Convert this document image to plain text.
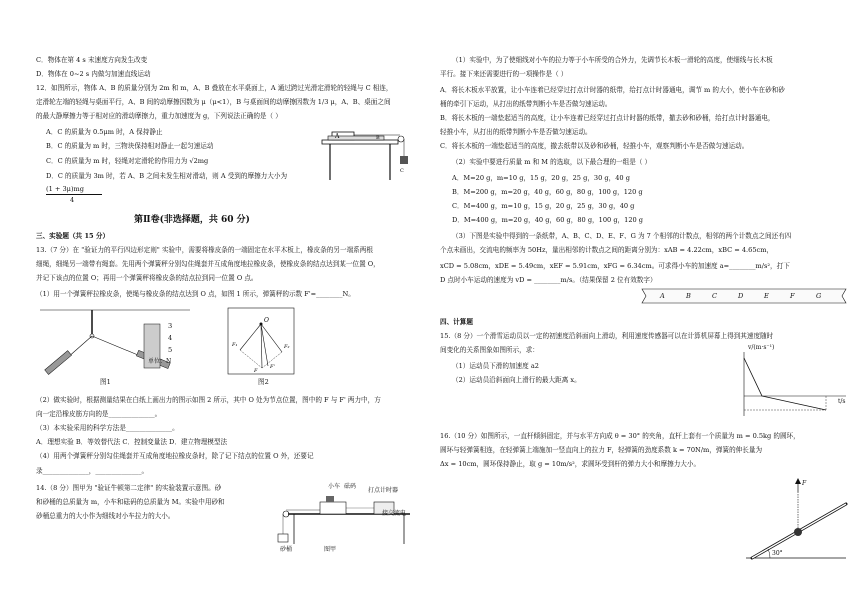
C．物体在第 4 s 末速度方向发生改变
D．物体在 0~2 s 内做匀加速直线运动
12．如图所示，物体 A、B 的质量分别为 2m 和 m，A、B 叠放在水平桌面上，A 通过跨过光滑定滑轮的轻绳与 C 相连，
定滑轮左端的轻绳与桌面平行，A、B 间的动摩擦因数为 μ（μ<1），B 与桌面间的动摩擦因数为 1/3 μ，A、B、桌面之间
的最大静摩擦力等于相对应的滑动摩擦力，重力加速度为 g，下列说法正确的是（ ）
A．C 的质量为 0.5μm 时，A 保持静止
B．C 的质量为 m 时，三物块保持相对静止一起匀速运动
C．C 的质量为 m 时，轻绳对定滑轮的作用力为 √2mg
D．C 的质量为 3m 时，若 A、B 之间未发生相对滑动，则 A 受到的摩擦力大小为
(1 + 3μ)mg
4
A	B
C
第Ⅱ卷(非选择题，共 60 分)
三、实验题（共 15 分）
13.（7 分）在 "验证力的平行四边形定则" 实验中，需要将橡皮条的一端固定在水平木板上，橡皮条的另一端系两根
细绳，细绳另一端带有绳套。先用两个弹簧秤分别勾住绳套并互成角度地拉橡皮条，使橡皮条的结点达到某一位置 O，
并记下该点的位置 O；再用一个弹簧秤将橡皮条的结点拉到同一位置 O 点。
（1）用一个弹簧秤拉橡皮条，使绳与橡皮条的结点达到 O 点，如图 1 所示，弹簧秤的示数 F'=________N。
3
4
5
单位：N
图1
O
F₁	F₂
F
F'
图2
（2）做实验时，根据测量结果在白纸上画出力的图示如图 2 所示，其中 O 处为节点位置，图中的 F 与 F' 两力中，方
向一定沿橡皮筋方向的是______________。
（3）本实验采用的科学方法是______________。
A．理想实验 B．等效替代法 C．控制变量法 D．建立物理模型法
（4）用两个弹簧秤分别勾住绳套并互成角度地拉橡皮条时，除了记下结点的位置 O 外，还要记
录______________，______________。
14.（8 分）图甲为 "验证牛顿第二定律" 的实验装置示意图。砂
和砂桶的总质量为 m，小车和砝码的总质量为 M。实验中用砂和
砂桶总重力的大小作为细线对小车拉力的大小。
小车 砝码
打点计时器
接交流电
砂桶	图甲
（1）实验中，为了使细线对小车的拉力等于小车所受的合外力，先调节长木板一滑轮的高度，使细线与长木板
平行。接下来还需要进行的一项操作是（ ）
A．将长木板水平放置，让小车连着已经穿过打点计时器的纸带，给打点计时器通电，调节 m 的大小，使小车在砂和砂
桶的牵引下运动，从打出的纸带判断小车是否做匀速运动。
B．将长木板的一端垫起适当的高度，让小车连着已经穿过打点计时器的纸带，撤去砂和砂桶，给打点计时器通电，
轻推小车，从打出的纸带判断小车是否做匀速运动。
C．将长木板的一端垫起适当的高度，撤去纸带以及砂和砂桶，轻推小车，观察判断小车是否做匀速运动。
（2）实验中要进行质量 m 和 M 的选取，以下最合理的一组是（ ）
A．M=20 g，m=10 g，15 g，20 g，25 g，30 g，40 g
B．M=200 g，m=20 g，40 g，60 g，80 g，100 g，120 g
C．M=400 g，m=10 g，15 g，20 g，25 g，30 g，40 g
D．M=400 g，m=20 g，40 g，60 g，80 g，100 g，120 g
（3）下图是实验中得到的一条纸带，A、B、C、D、E、F、G 为 7 个相邻的计数点，相邻的两个计数点之间还有四
个点未画出，交流电的频率为 50Hz，量出相邻的计数点之间的距离分别为：xAB = 4.22cm，xBC = 4.65cm，
xCD = 5.08cm，xDE = 5.49cm，xEF = 5.91cm，xFG = 6.34cm。可求得小车的加速度 a=________m/s²，打下
D 点时小车运动的速度为 vD = ________m/s。（结果保留 2 位有效数字）
A	B	C	D	E	F	G
四、计算题
15.（8 分）一个滑雪运动员以一定的初速度沿斜面向上滑动，利用速度传感器可以在计算机屏幕上得到其速度随时
间变化的关系图象如图所示，求：
（1）运动员下滑的加速度 a2
（2）运动员沿斜面向上滑行的最大距离 x。
v/(m·s⁻¹)
t/s
16.（10 分）如图所示，一直杆倾斜固定，并与水平方向成 θ = 30° 的夹角，直杆上套有一个质量为 m = 0.5kg 的圆环，
圆环与轻弹簧相连，在轻弹簧上端施加一竖直向上的拉力 F，轻弹簧的劲度系数 k = 70N/m，弹簧的伸长量为
Δx = 10cm，圆环保持静止，取 g = 10m/s²，求圆环受到杆的弹力大小和摩擦力大小。
F
30°
